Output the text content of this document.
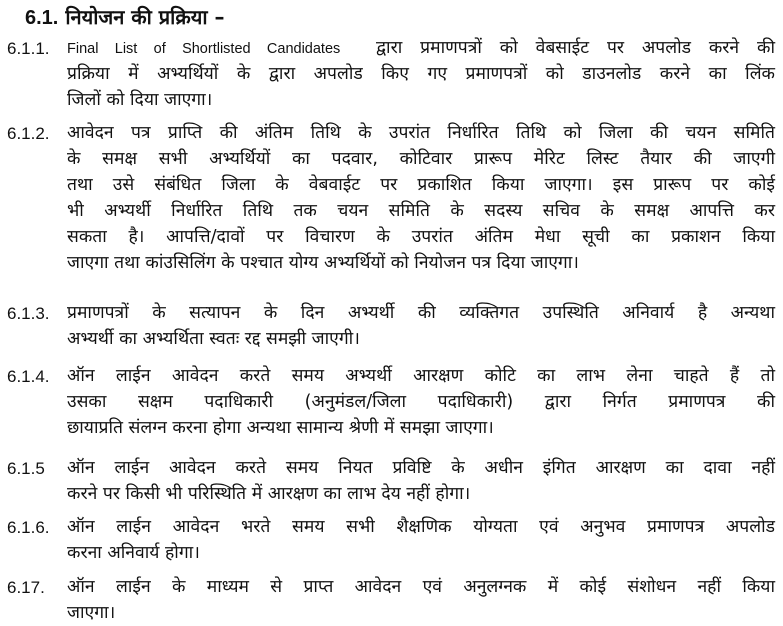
6.1. नियोजन की प्रक्रिया –
6.1.1. Final List of Shortlisted Candidates द्वारा प्रमाणपत्रों को वेबसाईट पर अपलोड करने की
प्रक्रिया में अभ्यर्थियों के द्वारा अपलोड किए गए प्रमाणपत्रों को डाउनलोड करने का लिंक
जिलों को दिया जाएगा।
6.1.2. आवेदन पत्र प्राप्ति की अंतिम तिथि के उपरांत निर्धारित तिथि को जिला की चयन समिति
के समक्ष सभी अभ्यर्थियों का पदवार, कोटिवार प्रारूप मेरिट लिस्ट तैयार की जाएगी
तथा उसे संबंधित जिला के वेबवाईट पर प्रकाशित किया जाएगा। इस प्रारूप पर कोई
भी अभ्यर्थी निर्धारित तिथि तक चयन समिति के सदस्य सचिव के समक्ष आपत्ति कर
सकता है। आपत्ति/दावों पर विचारण के उपरांत अंतिम मेधा सूची का प्रकाशन किया
जाएगा तथा कांउसिलिंग के पश्चात योग्य अभ्यर्थियों को नियोजन पत्र दिया जाएगा।
6.1.3. प्रमाणपत्रों के सत्यापन के दिन अभ्यर्थी की व्यक्तिगत उपस्थिति अनिवार्य है अन्यथा
अभ्यर्थी का अभ्यर्थिता स्वतः रद्द समझी जाएगी।
6.1.4. ऑन लाईन आवेदन करते समय अभ्यर्थी आरक्षण कोटि का लाभ लेना चाहते हैं तो
उसका सक्षम पदाधिकारी (अनुमंडल/जिला पदाधिकारी) द्वारा निर्गत प्रमाणपत्र की
छायाप्रति संलग्न करना होगा अन्यथा सामान्य श्रेणी में समझा जाएगा।
6.1.5 ऑन लाईन आवेदन करते समय नियत प्रविष्टि के अधीन इंगित आरक्षण का दावा नहीं
करने पर किसी भी परिस्थिति में आरक्षण का लाभ देय नहीं होगा।
6.1.6. ऑन लाईन आवेदन भरते समय सभी शैक्षणिक योग्यता एवं अनुभव प्रमाणपत्र अपलोड
करना अनिवार्य होगा।
6.17. ऑन लाईन के माध्यम से प्राप्त आवेदन एवं अनुलग्नक में कोई संशोधन नहीं किया
जाएगा।
